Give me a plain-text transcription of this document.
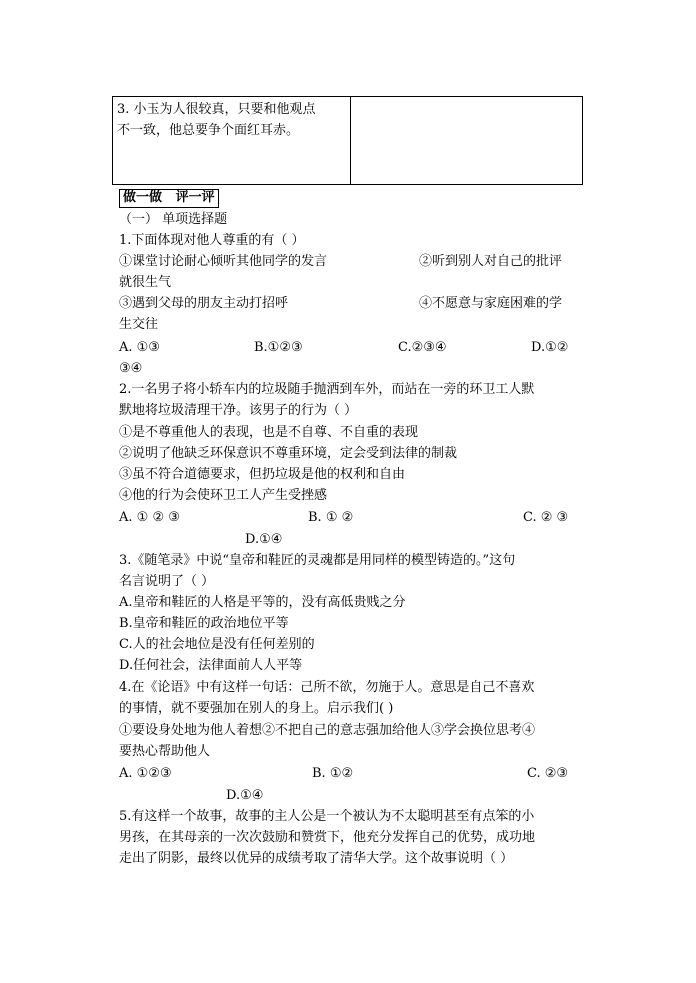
3. 小玉为人很较真，只要和他观点
不一致，他总要争个面红耳赤。
做一做   评一评
（一） 单项选择题
1.下面体现对他人尊重的有（ ）
①课堂讨论耐心倾听其他同学的发言	②听到别人对自己的批评
就很生气
③遇到父母的朋友主动打招呼	④不愿意与家庭困难的学
生交往
A. ①③	B.①②③	C.②③④	D.①②
③④
2.一名男子将小轿车内的垃圾随手抛洒到车外，而站在一旁的环卫工人默
默地将垃圾清理干净。该男子的行为（ ）
①是不尊重他人的表现，也是不自尊、不自重的表现
②说明了他缺乏环保意识不尊重环境，定会受到法律的制裁
③虽不符合道德要求，但扔垃圾是他的权利和自由
④他的行为会使环卫工人产生受挫感
A. ① ② ③	B. ① ②	C. ② ③
D.①④
3.《随笔录》中说“皇帝和鞋匠的灵魂都是用同样的模型铸造的。”这句
名言说明了（ ）
A.皇帝和鞋匠的人格是平等的，没有高低贵贱之分
B.皇帝和鞋匠的政治地位平等
C.人的社会地位是没有任何差别的
D.任何社会，法律面前人人平等
4.在《论语》中有这样一句话：己所不欲，勿施于人。意思是自己不喜欢
的事情，就不要强加在别人的身上。启示我们( )
①要设身处地为他人着想②不把自己的意志强加给他人③学会换位思考④
要热心帮助他人
A. ①②③	B. ①②	C. ②③
D.①④
5.有这样一个故事，故事的主人公是一个被认为不太聪明甚至有点笨的小
男孩，在其母亲的一次次鼓励和赞赏下，他充分发挥自己的优势，成功地
走出了阴影，最终以优异的成绩考取了清华大学。这个故事说明（ ）
